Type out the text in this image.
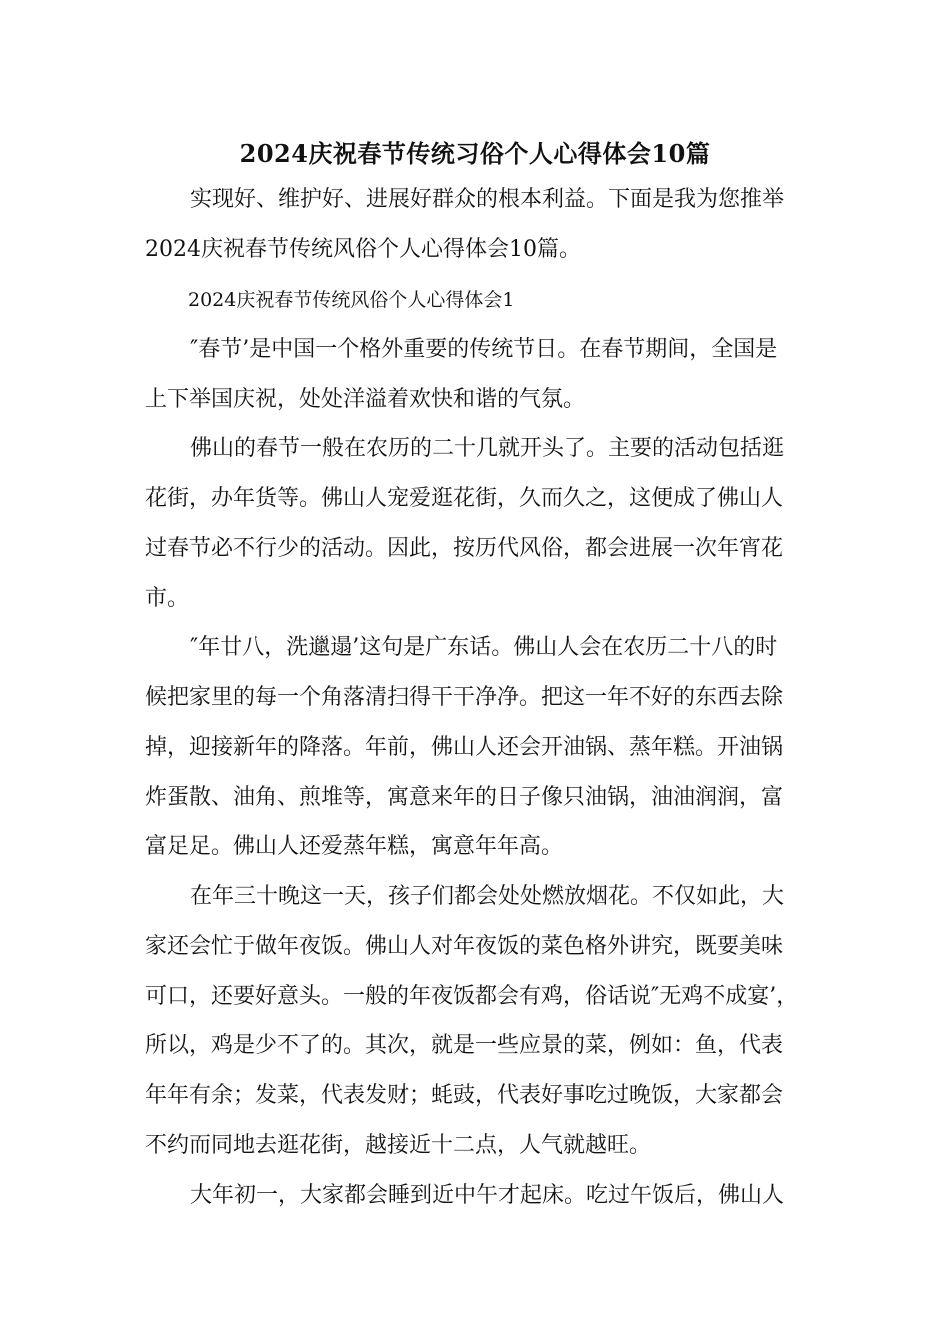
2024庆祝春节传统习俗个人心得体会10篇
实现好、维护好、进展好群众的根本利益。下面是我为您推举
2024庆祝春节传统风俗个人心得体会10篇。
2024庆祝春节传统风俗个人心得体会1
″春节’是中国一个格外重要的传统节日。在春节期间，全国是
上下举国庆祝，处处洋溢着欢快和谐的气氛。
佛山的春节一般在农历的二十几就开头了。主要的活动包括逛
花街，办年货等。佛山人宠爱逛花街，久而久之，这便成了佛山人
过春节必不行少的活动。因此，按历代风俗，都会进展一次年宵花
市。
″年廿八，洗邋遢’这句是广东话。佛山人会在农历二十八的时
候把家里的每一个角落清扫得干干净净。把这一年不好的东西去除
掉，迎接新年的降落。年前，佛山人还会开油锅、蒸年糕。开油锅
炸蛋散、油角、煎堆等，寓意来年的日子像只油锅，油油润润，富
富足足。佛山人还爱蒸年糕，寓意年年高。
在年三十晚这一天，孩子们都会处处燃放烟花。不仅如此，大
家还会忙于做年夜饭。佛山人对年夜饭的菜色格外讲究，既要美味
可口，还要好意头。一般的年夜饭都会有鸡，俗话说″无鸡不成宴’，
所以，鸡是少不了的。其次，就是一些应景的菜，例如：鱼，代表
年年有余；发菜，代表发财；蚝豉，代表好事吃过晚饭，大家都会
不约而同地去逛花街，越接近十二点，人气就越旺。
大年初一，大家都会睡到近中午才起床。吃过午饭后，佛山人
